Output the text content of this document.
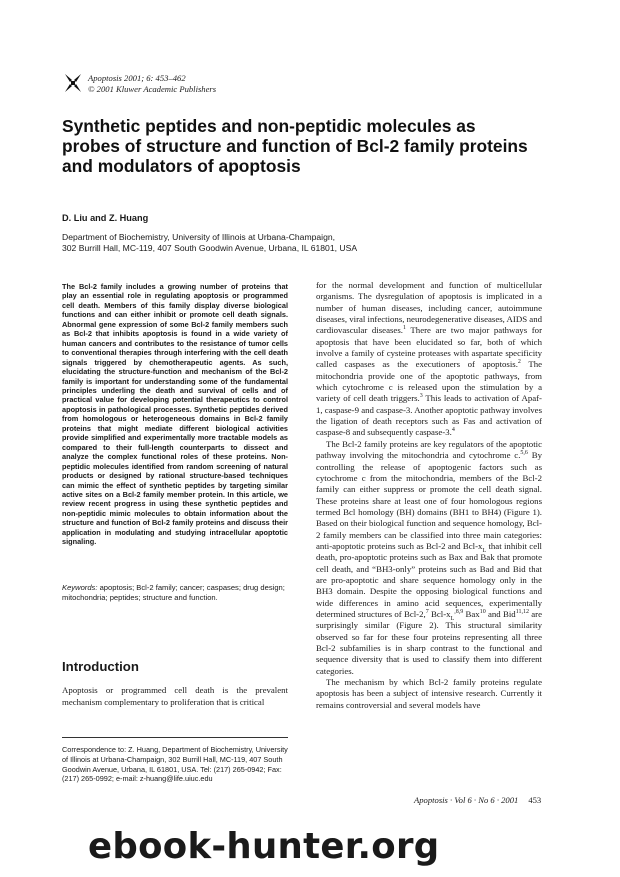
Apoptosis 2001; 6: 453–462
© 2001 Kluwer Academic Publishers
Synthetic peptides and non-peptidic molecules as probes of structure and function of Bcl-2 family proteins and modulators of apoptosis
D. Liu and Z. Huang
Department of Biochemistry, University of Illinois at Urbana-Champaign,
302 Burrill Hall, MC-119, 407 South Goodwin Avenue, Urbana, IL 61801, USA
The Bcl-2 family includes a growing number of proteins that play an essential role in regulating apoptosis or programmed cell death. Members of this family display diverse biological functions and can either inhibit or promote cell death signals. Abnormal gene expression of some Bcl-2 family members such as Bcl-2 that inhibits apoptosis is found in a wide variety of human cancers and contributes to the resistance of tumor cells to conventional therapies through interfering with the cell death signals triggered by chemotherapeutic agents. As such, elucidating the structure-function and mechanism of the Bcl-2 family is important for understanding some of the fundamental principles underling the death and survival of cells and of practical value for developing potential therapeutics to control apoptosis in pathological processes. Synthetic peptides derived from homologous or heterogeneous domains in Bcl-2 family proteins that might mediate different biological activities provide simplified and experimentally more tractable models as compared to their full-length counterparts to dissect and analyze the complex functional roles of these proteins. Non-peptidic molecules identified from random screening of natural products or designed by rational structure-based techniques can mimic the effect of synthetic peptides by targeting similar active sites on a Bcl-2 family member protein. In this article, we review recent progress in using these synthetic peptides and non-peptidic mimic molecules to obtain information about the structure and function of Bcl-2 family proteins and discuss their application in modulating and studying intracellular apoptotic signaling.
Keywords: apoptosis; Bcl-2 family; cancer; caspases; drug design; mitochondria; peptides; structure and function.
Introduction
Apoptosis or programmed cell death is the prevalent mechanism complementary to proliferation that is critical
Correspondence to: Z. Huang, Department of Biochemistry, University of Illinois at Urbana-Champaign, 302 Burrill Hall, MC-119, 407 South Goodwin Avenue, Urbana, IL 61801, USA. Tel: (217) 265-0942; Fax: (217) 265-0992; e-mail: z-huang@life.uiuc.edu

for the normal development and function of multicellular organisms. The dysregulation of apoptosis is implicated in a number of human diseases, including cancer, autoimmune diseases, viral infections, neurodegenerative diseases, AIDS and cardiovascular diseases.$^1$ There are two major pathways for apoptosis that have been elucidated so far, both of which involve a family of cysteine proteases with aspartate specificity called caspases as the executioners of apoptosis.$^2$ The mitochondria provide one of the apoptotic pathways, from which cytochrome c is released upon the stimulation by a variety of cell death triggers.$^3$ This leads to activation of Apaf-1, caspase-9 and caspase-3. Another apoptotic pathway involves the ligation of death receptors such as Fas and activation of caspase-8 and subsequently caspase-3.$^4$

The Bcl-2 family proteins are key regulators of the apoptotic pathway involving the mitochondria and cytochrome c.$^{5,6}$ By controlling the release of apoptogenic factors such as cytochrome c from the mitochondria, members of the Bcl-2 family can either suppress or promote the cell death signal. These proteins share at least one of four homologous regions termed Bcl homology (BH) domains (BH1 to BH4) (Figure 1). Based on their biological function and sequence homology, Bcl-2 family members can be classified into three main categories: anti-apoptotic proteins such as Bcl-2 and Bcl-$x_L$ that inhibit cell death, pro-apoptotic proteins such as Bax and Bak that promote cell death, and “BH3-only” proteins such as Bad and Bid that are pro-apoptotic and share sequence homology only in the BH3 domain. Despite the opposing biological functions and wide differences in amino acid sequences, experimentally determined structures of Bcl-2,$^7$ Bcl-$x_L^{,8,9}$ Bax$^{10}$ and Bid$^{11,12}$ are surprisingly similar (Figure 2). This structural similarity observed so far for these four proteins representing all three Bcl-2 subfamilies is in sharp contrast to the functional and sequence diversity that is used to classify them into different categories.

The mechanism by which Bcl-2 family proteins regulate apoptosis has been a subject of intensive research. Currently it remains controversial and several models have

Apoptosis · Vol 6 · No 6 · 2001 453
ebook-hunter.org
